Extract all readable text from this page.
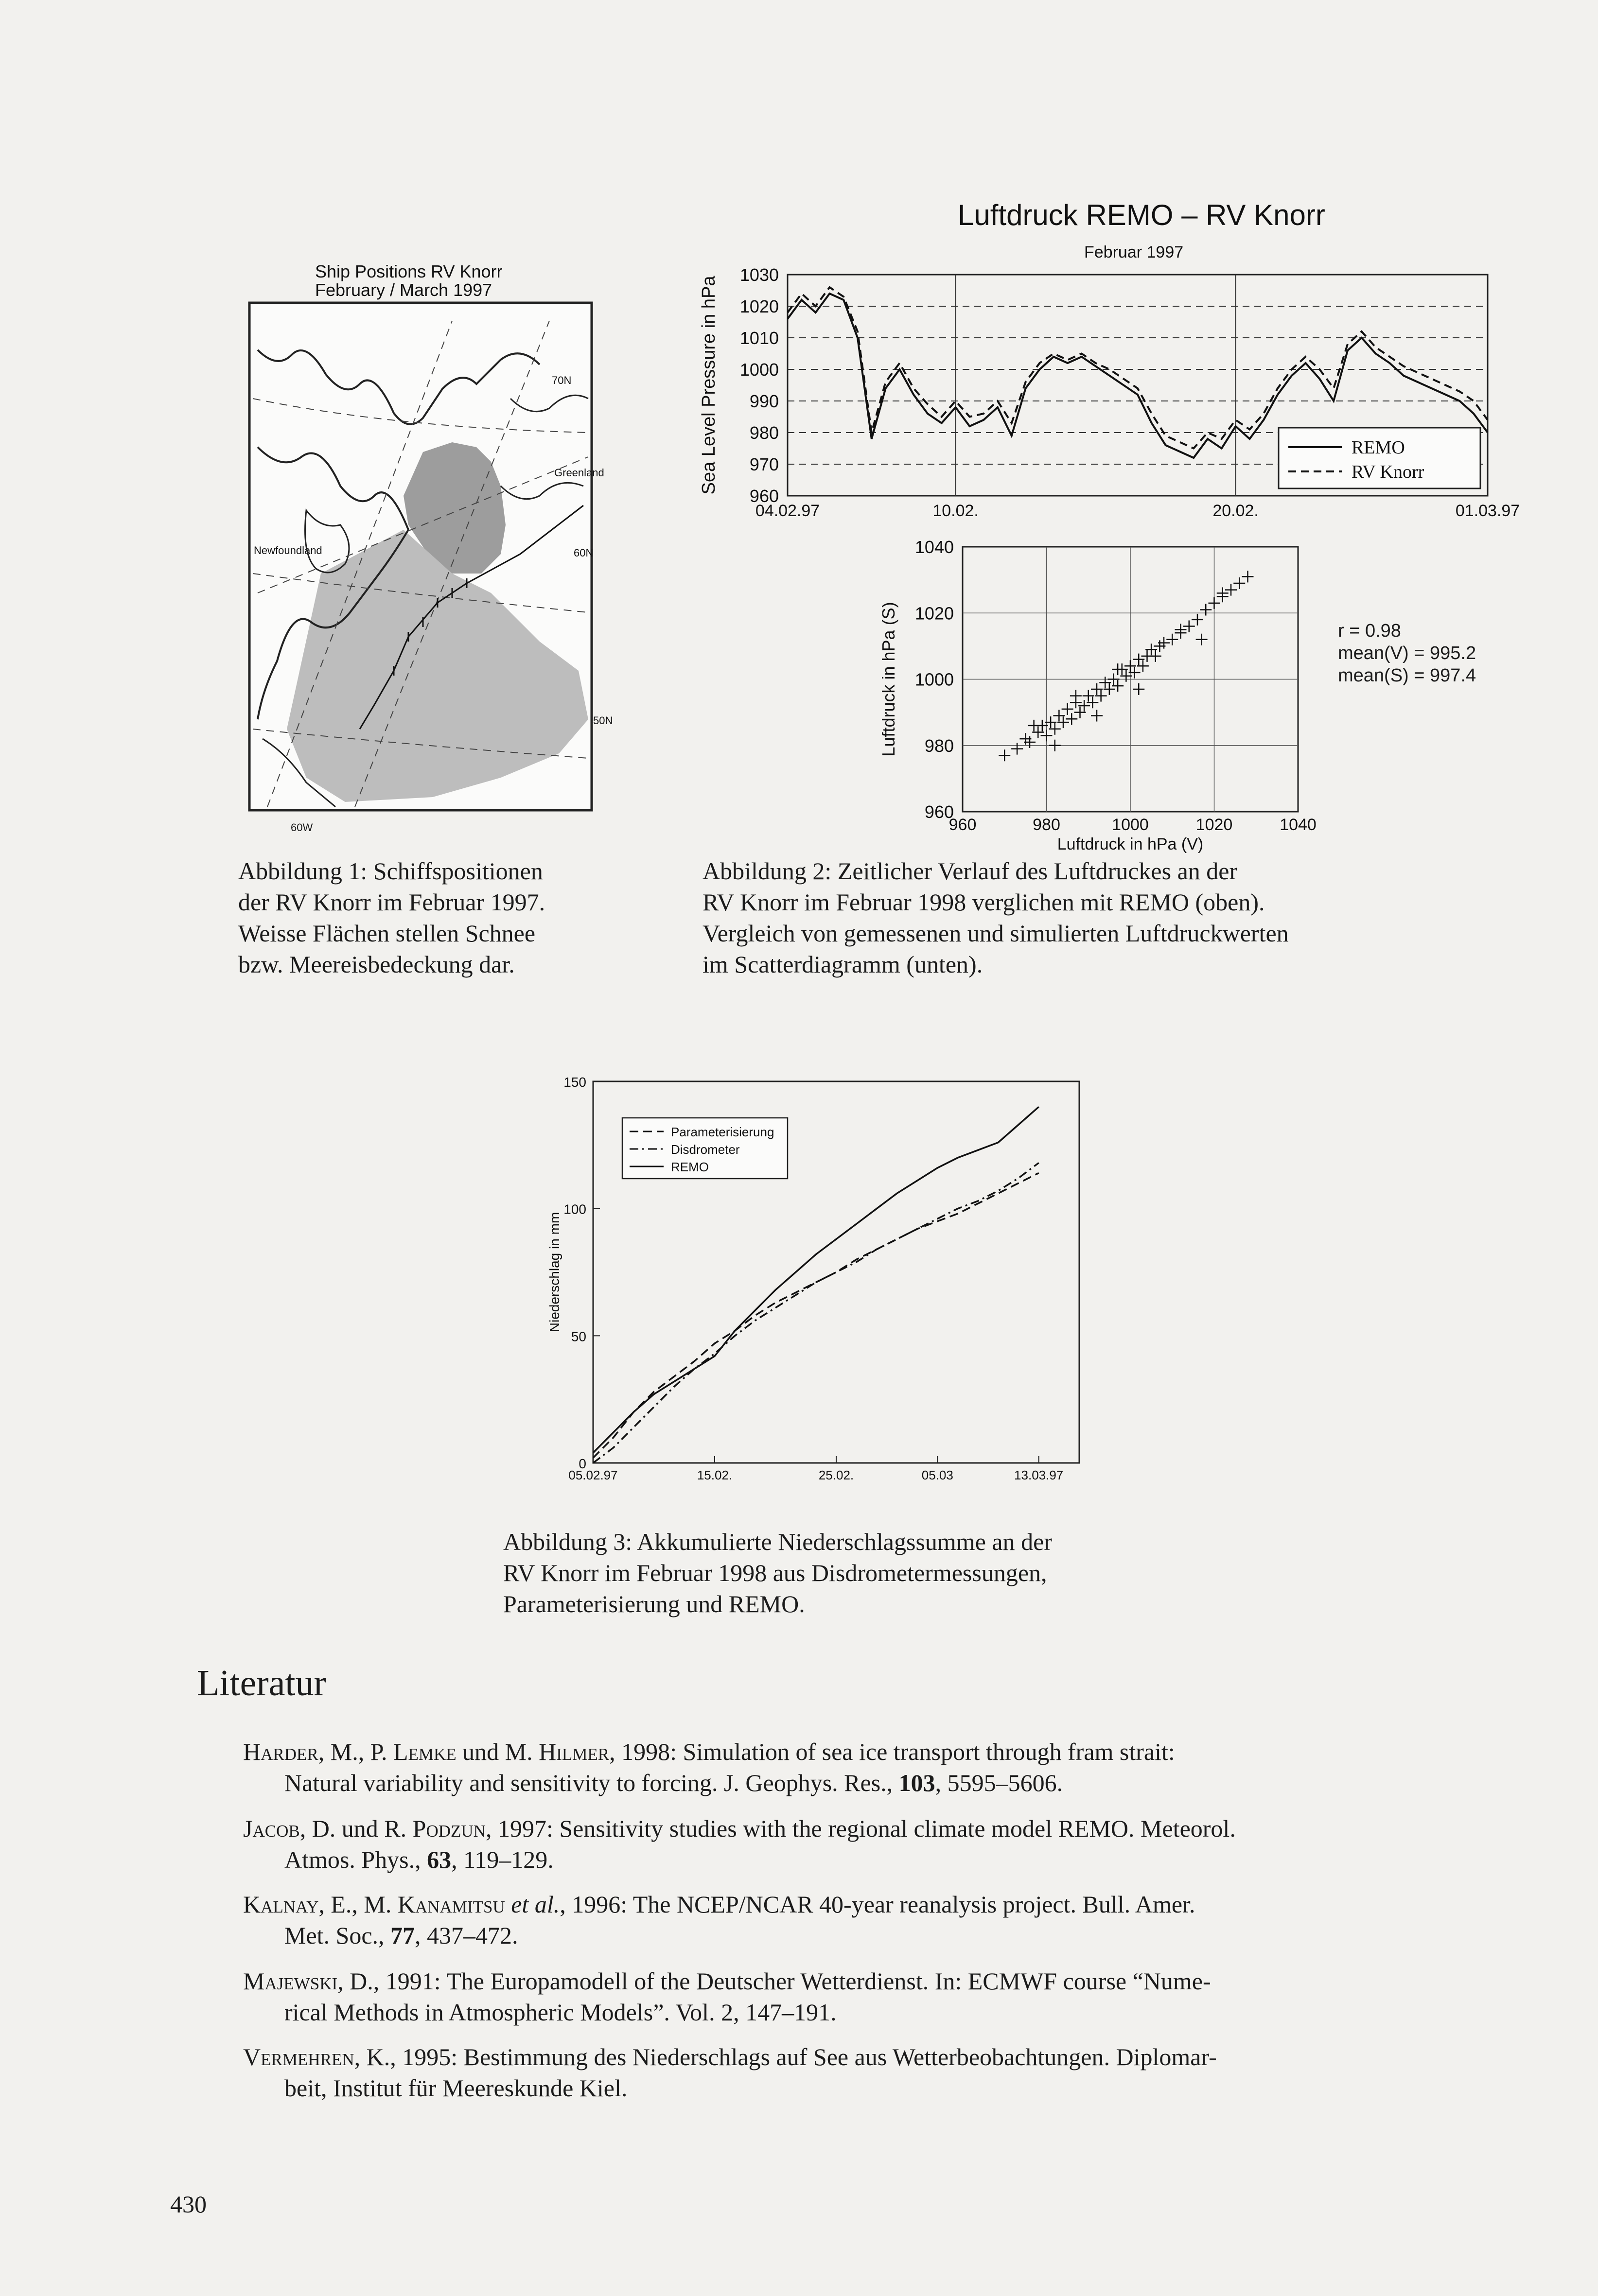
Ship Positions RV Knorr
February / March 1997
70N
Greenland
60N
Newfoundland
50N
60W
Abbildung 1: Schiffspositionen
der RV Knorr im Februar 1997.
Weisse Flächen stellen Schnee
bzw. Meereisbedeckung dar.
Luftdruck REMO – RV Knorr
Februar 1997
960
970
980
990
1000
1010
1020
1030
04.02.97	10.02.	20.02.	01.03.97
Sea Level Pressure in hPa	REMO
RV Knorr
960
980
1000
1020
1040
960	980	1000	1020	1040
Luftdruck in hPa (V)
Luftdruck in hPa (S)	r = 0.98
mean(V) = 995.2
mean(S) = 997.4
Abbildung 2: Zeitlicher Verlauf des Luftdruckes an der
RV Knorr im Februar 1998 verglichen mit REMO (oben).
Vergleich von gemessenen und simulierten Luftdruckwerten
im Scatterdiagramm (unten).
0
50
100
150
05.02.97	15.02.	25.02.	05.03	13.03.97
Niederschlag in mm
Parameterisierung
Disdrometer
REMO
Abbildung 3: Akkumulierte Niederschlagssumme an der
RV Knorr im Februar 1998 aus Disdrometermessungen,
Parameterisierung und REMO.
Literatur
Harder, M., P. Lemke und M. Hilmer, 1998: Simulation of sea ice transport through fram strait:
Natural variability and sensitivity to forcing. J. Geophys. Res., 103, 5595–5606.
Jacob, D. und R. Podzun, 1997: Sensitivity studies with the regional climate model REMO. Meteorol.
Atmos. Phys., 63, 119–129.
Kalnay, E., M. Kanamitsu et al., 1996: The NCEP/NCAR 40-year reanalysis project. Bull. Amer.
Met. Soc., 77, 437–472.
Majewski, D., 1991: The Europamodell of the Deutscher Wetterdienst. In: ECMWF course “Nume-
rical Methods in Atmospheric Models”. Vol. 2, 147–191.
Vermehren, K., 1995: Bestimmung des Niederschlags auf See aus Wetterbeobachtungen. Diplomar-
beit, Institut für Meereskunde Kiel.
430
